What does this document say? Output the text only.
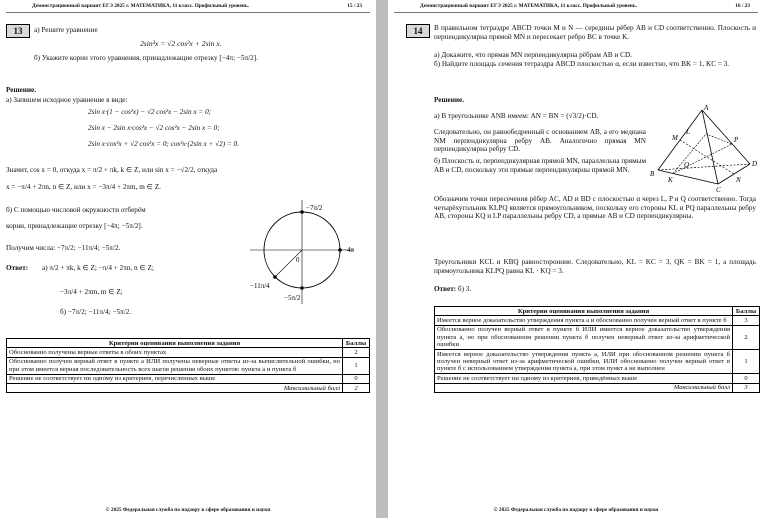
Демонстрационный вариант ЕГЭ 2025 г. МАТЕМАТИКА, 11 класс. Профильный уровень.	15 / 23
13	а) Решите уравнение
2sin³x = √2 cos²x + 2sin x.
б) Укажите корни этого уравнения, принадлежащие отрезку [−4π; −5π/2].
Решение.
а) Запишем исходное уравнение в виде:
2sin x·(1 − cos²x) − √2 cos²x − 2sin x = 0;
2sin x − 2sin x·cos²x − √2 cos²x − 2sin x = 0;
2sin x·cos²x + √2 cos²x = 0; cos²x·(2sin x + √2) = 0.
Значит, cos x = 0, откуда x = π/2 + πk, k ∈ Z, или sin x = −√2/2, откуда
x = −π/4 + 2πn, n ∈ Z, или x = −3π/4 + 2πm, m ∈ Z.
б) С помощью числовой окружности отберём
корни, принадлежащие отрезку [−4π; −5π/2].
Получим числа: −7π/2; −11π/4; −5π/2.
Ответ: а) π/2 + πk, k ∈ Z; −π/4 + 2πn, n ∈ Z;
−3π/4 + 2πm, m ∈ Z;
б) −7π/2; −11π/4; −5π/2.
−7π/2
−4π
0
−11π/4
−5π/2
Критерии оценивания выполнения задания	Баллы
Обоснованно получены верные ответы в обоих пунктах	2
Обоснованно получен верный ответ в пункте а ИЛИ получены неверные ответы из-за вычислительной ошибки, но при этом имеется верная последовательность всех шагов решения обоих пунктов: пункта а и пункта б	1
Решение не соответствует ни одному из критериев, перечисленных выше	0
Максимальный балл	2
© 2025 Федеральная служба по надзору в сфере образования и науки
Демонстрационный вариант ЕГЭ 2025 г. МАТЕМАТИКА, 11 класс. Профильный уровень.	16 / 23
14	В правильном тетраэдре ABCD точки M и N — середины рёбер AB и CD соответственно. Плоскость α перпендикулярна прямой MN и пересекает ребро BC в точке K.
а) Докажите, что прямая MN перпендикулярна рёбрам AB и CD.
б) Найдите площадь сечения тетраэдра ABCD плоскостью α, если известно, что BK = 1, KC = 3.
Решение.
а) В треугольнике ANB имеем: AN = BN = (√3/2)·CD.
Следовательно, он равнобедренный с основанием AB, а его медиана NM перпендикулярна ребру AB. Аналогично прямая MN перпендикулярна ребру CD.
б) Плоскость α, перпендикулярная прямой MN, параллельна прямым AB и CD, поскольку эти прямые перпендикулярны прямой MN.
Обозначим точки пересечения рёбер AC, AD и BD с плоскостью α через L, P и Q соответственно. Тогда четырёхугольник KLPQ является прямоугольником, поскольку его стороны KL и PQ параллельны ребру AB, стороны KQ и LP параллельны ребру CD, а прямые AB и CD перпендикулярны.
Треугольники KCL и KBQ равносторонние. Следовательно, KL = KC = 3, QK = BK = 1, а площадь прямоугольника KLPQ равна KL · KQ = 3.
Ответ: б) 3.
A
B
C
D
M
N
K
L
P
Q
Критерии оценивания выполнения задания	Баллы
Имеется верное доказательство утверждения пункта а и обоснованно получен верный ответ в пункте б	3
Обоснованно получен верный ответ в пункте б ИЛИ имеется верное доказательство утверждения пункта а, но при обоснованном решении пункта б получен неверный ответ из-за арифметической ошибки	2
Имеется верное доказательство утверждения пункта а, ИЛИ при обоснованном решении пункта б получен неверный ответ из-за арифметической ошибки, ИЛИ обоснованно получен верный ответ в пункте б с использованием утверждения пункта а, при этом пункт а не выполнен	1
Решение не соответствует ни одному из критериев, приведённых выше	0
Максимальный балл	3
© 2025 Федеральная служба по надзору в сфере образования и науки
